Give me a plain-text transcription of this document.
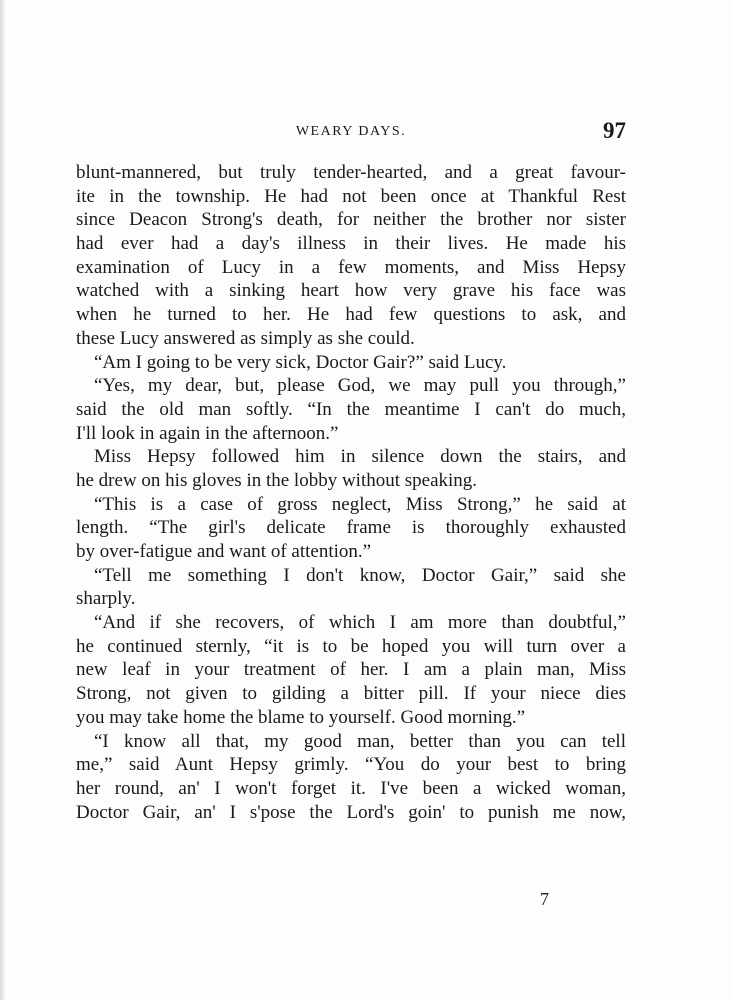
WEARY DAYS.	97
blunt-mannered, but truly tender-hearted, and a great favour-
ite in the township. He had not been once at Thankful Rest
since Deacon Strong's death, for neither the brother nor sister
had ever had a day's illness in their lives. He made his
examination of Lucy in a few moments, and Miss Hepsy
watched with a sinking heart how very grave his face was
when he turned to her. He had few questions to ask, and
these Lucy answered as simply as she could.
“Am I going to be very sick, Doctor Gair?” said Lucy.
“Yes, my dear, but, please God, we may pull you through,”
said the old man softly. “In the meantime I can't do much,
I'll look in again in the afternoon.”
Miss Hepsy followed him in silence down the stairs, and
he drew on his gloves in the lobby without speaking.
“This is a case of gross neglect, Miss Strong,” he said at
length. “The girl's delicate frame is thoroughly exhausted
by over-fatigue and want of attention.”
“Tell me something I don't know, Doctor Gair,” said she
sharply.
“And if she recovers, of which I am more than doubtful,”
he continued sternly, “it is to be hoped you will turn over a
new leaf in your treatment of her. I am a plain man, Miss
Strong, not given to gilding a bitter pill. If your niece dies
you may take home the blame to yourself. Good morning.”
“I know all that, my good man, better than you can tell
me,” said Aunt Hepsy grimly. “You do your best to bring
her round, an' I won't forget it. I've been a wicked woman,
Doctor Gair, an' I s'pose the Lord's goin' to punish me now,
7
